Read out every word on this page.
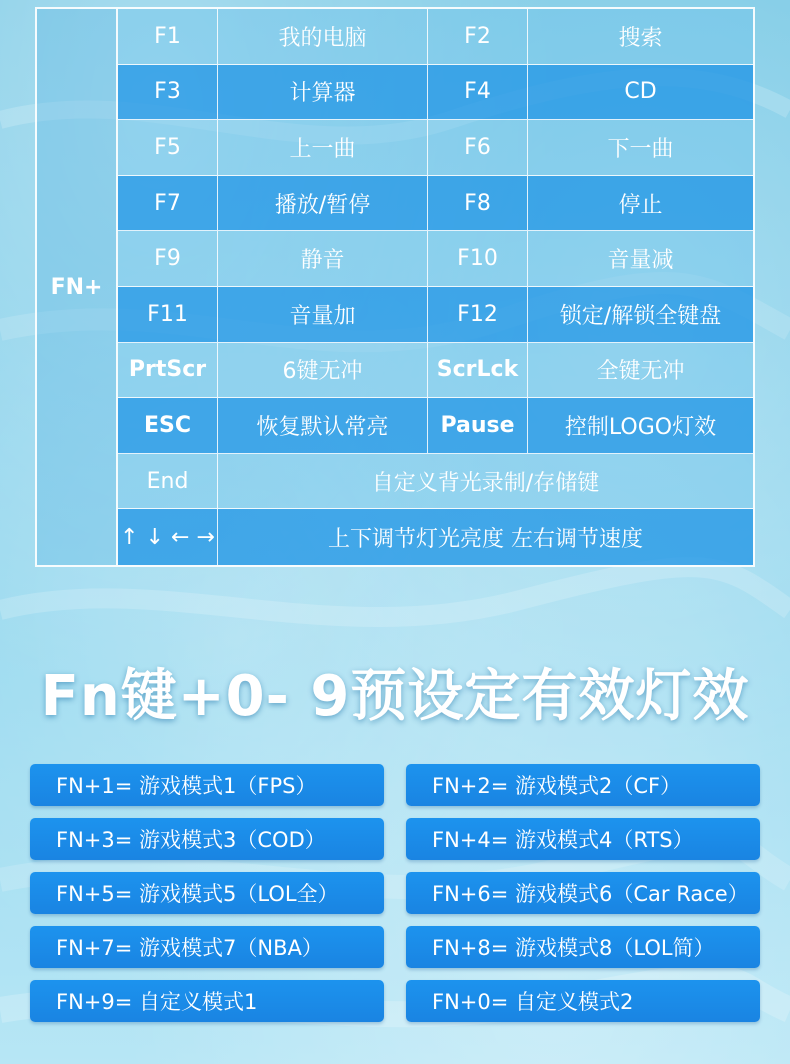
FN+
F1	我的电脑	F2	搜索
F3	计算器	F4	CD
F5	上一曲	F6	下一曲
F7	播放/暂停	F8	停止
F9	静音	F10	音量减
F11	音量加	F12	锁定/解锁全键盘
PrtScr	6键无冲	ScrLck	全键无冲
ESC	恢复默认常亮	Pause	控制LOGO灯效
End	自定义背光录制/存储键
↑ ↓ ← →	上下调节灯光亮度 左右调节速度
Fn键+0- 9预设定有效灯效
FN+1= 游戏模式1（FPS）	FN+2= 游戏模式2（CF）
FN+3= 游戏模式3（COD）	FN+4= 游戏模式4（RTS）
FN+5= 游戏模式5（LOL全）	FN+6= 游戏模式6（Car Race）
FN+7= 游戏模式7（NBA）	FN+8= 游戏模式8（LOL简）
FN+9= 自定义模式1	FN+0= 自定义模式2
